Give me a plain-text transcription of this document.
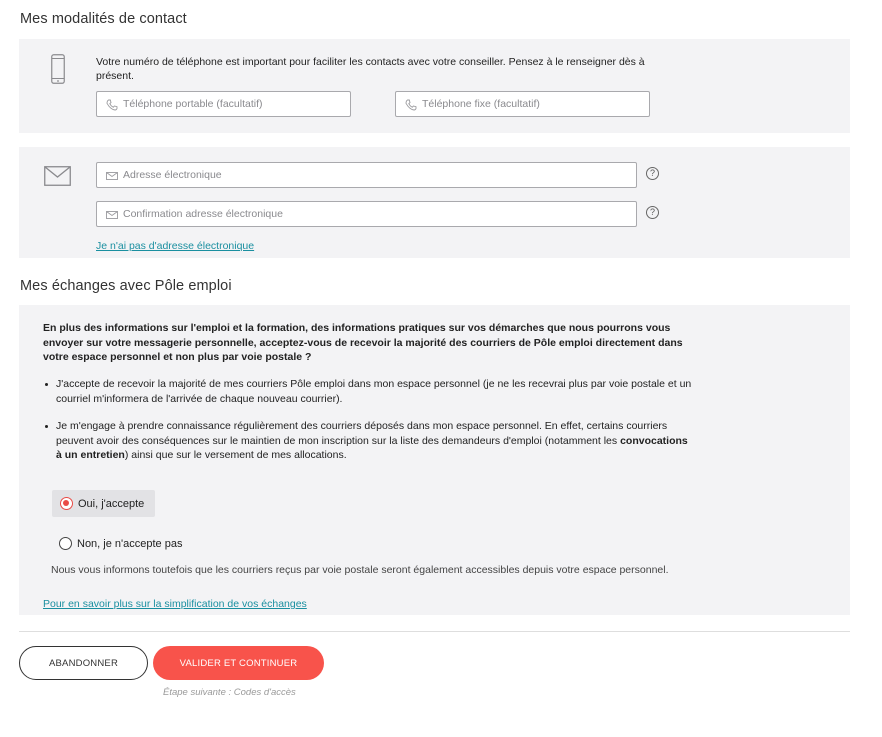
Mes modalités de contact

Votre numéro de téléphone est important pour faciliter les contacts avec votre conseiller. Pensez à le renseigner dès à présent.

Téléphone portable (facultatif)
Téléphone fixe (facultatif)
Adresse électronique
?
Confirmation adresse électronique
?
Je n'ai pas d'adresse électronique
Mes échanges avec Pôle emploi

En plus des informations sur l'emploi et la formation, des informations pratiques sur vos démarches que nous pourrons vous envoyer sur votre messagerie personnelle, acceptez-vous de recevoir la majorité des courriers de Pôle emploi directement dans votre espace personnel et non plus par voie postale ?

J'accepte de recevoir la majorité de mes courriers Pôle emploi dans mon espace personnel (je ne les recevrai plus par voie postale et un courriel m'informera de l'arrivée de chaque nouveau courrier).
Je m'engage à prendre connaissance régulièrement des courriers déposés dans mon espace personnel. En effet, certains courriers peuvent avoir des conséquences sur le maintien de mon inscription sur la liste des demandeurs d'emploi (notamment les convocations à un entretien) ainsi que sur le versement de mes allocations.
Oui, j'accepte
Non, je n'accepte pas

Nous vous informons toutefois que les courriers reçus par voie postale seront également accessibles depuis votre espace personnel.

Pour en savoir plus sur la simplification de vos échanges
ABANDONNER	VALIDER ET CONTINUER

Étape suivante : Codes d'accès
